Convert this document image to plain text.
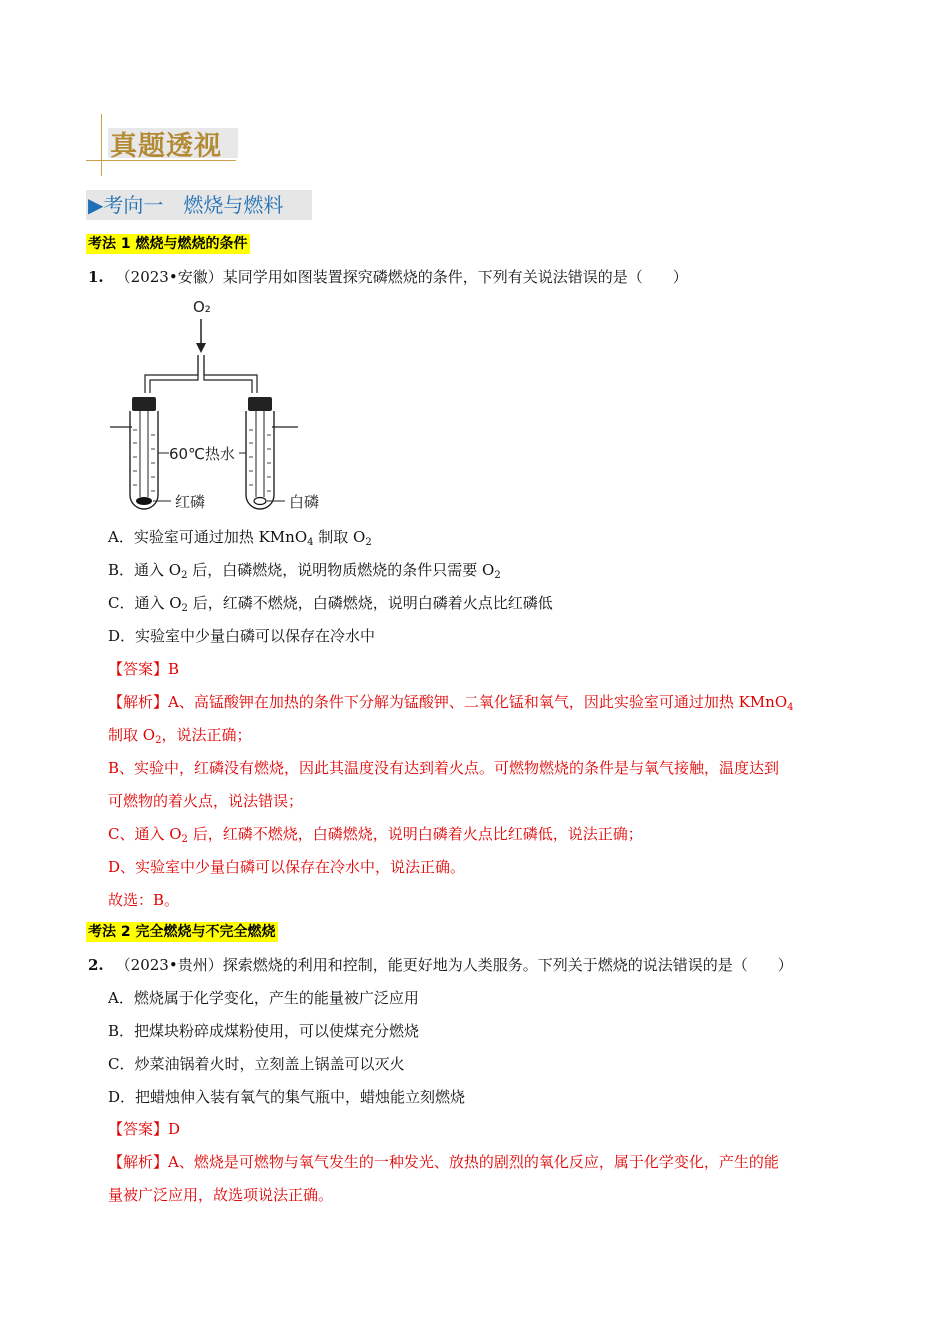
真题透视
▶考向一　燃烧与燃料
考法 1 燃烧与燃烧的条件
1. （2023•安徽）某同学用如图装置探究磷燃烧的条件，下列有关说法错误的是（　　）
O₂
60℃热水
红磷	白磷
A．实验室可通过加热 KMnO$_4$ 制取 $O_2$
B．通入 $O_2$ 后，白磷燃烧，说明物质燃烧的条件只需要 $O_2$
C．通入 $O_2$ 后，红磷不燃烧，白磷燃烧，说明白磷着火点比红磷低
D．实验室中少量白磷可以保存在冷水中
【答案】B
【解析】A、高锰酸钾在加热的条件下分解为锰酸钾、二氧化锰和氧气，因此实验室可通过加热 KMnO$_4$
制取 $O_2$，说法正确；
B、实验中，红磷没有燃烧，因此其温度没有达到着火点。可燃物燃烧的条件是与氧气接触，温度达到
可燃物的着火点，说法错误；
C、通入 $O_2$ 后，红磷不燃烧，白磷燃烧，说明白磷着火点比红磷低，说法正确；
D、实验室中少量白磷可以保存在冷水中，说法正确。
故选：B。
考法 2 完全燃烧与不完全燃烧
2. （2023•贵州）探索燃烧的利用和控制，能更好地为人类服务。下列关于燃烧的说法错误的是（　　）
A．燃烧属于化学变化，产生的能量被广泛应用
B．把煤块粉碎成煤粉使用，可以使煤充分燃烧
C．炒菜油锅着火时，立刻盖上锅盖可以灭火
D．把蜡烛伸入装有氧气的集气瓶中，蜡烛能立刻燃烧
【答案】D
【解析】A、燃烧是可燃物与氧气发生的一种发光、放热的剧烈的氧化反应，属于化学变化，产生的能
量被广泛应用，故选项说法正确。
